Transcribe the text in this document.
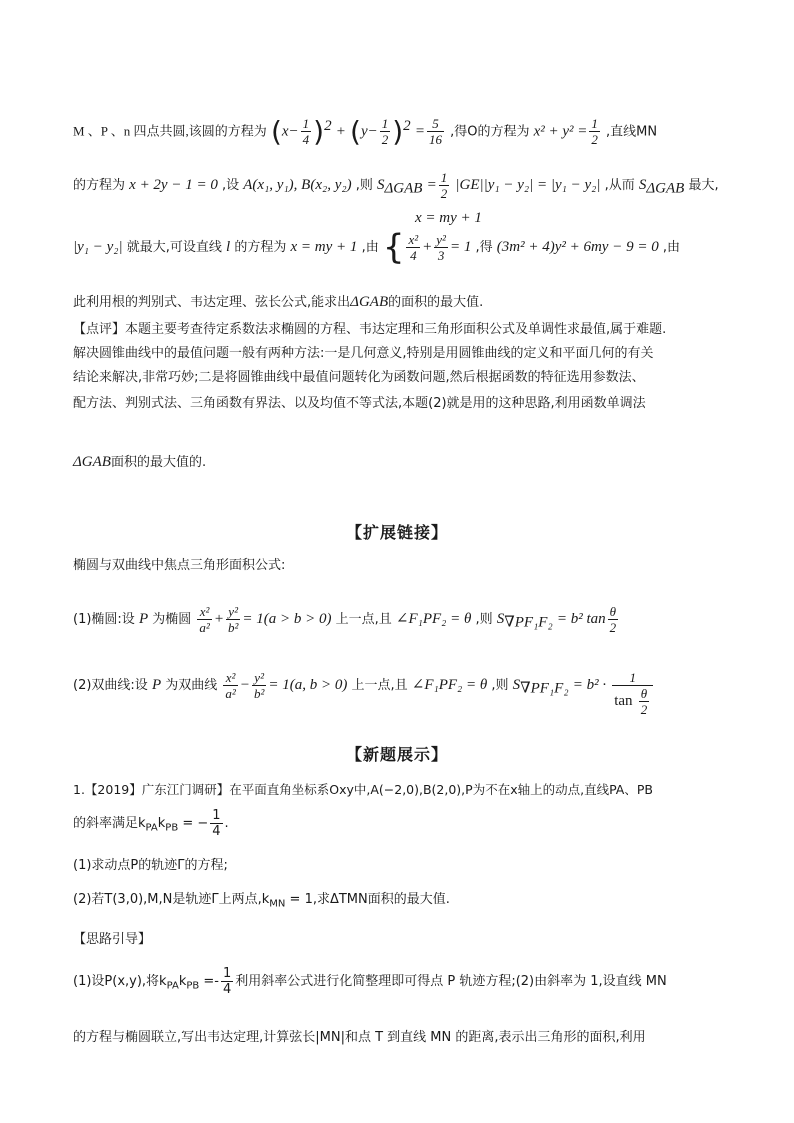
M 、P 、n 四点共圆,该圆的方程为 $(x- \frac{1}{4} )^2 + (y- \frac{1}{2} )^2 = \frac{5}{16}$ ,得O的方程为 $x^2 + y^2 = \frac{1}{2}$ ,直线MN
的方程为 x + 2y − 1 = 0 ,设 A(x₁, y₁), B(x₂, y₂) ,则 $S_{\Delta GAB} = \frac{1}{2} |GE||y_1 - y_2| = |y_1 - y_2|$ ,从而 $S_{\Delta GAB}$ 最大,
x = my + 1
|y₁ − y₂| 就最大,可设直线 l 的方程为 x = my + 1 ,由 { $\frac{\text{x²}}{4} + \frac{\text{y²}}{3} = 1$ ,得 (3m² + 4)y² + 6my − 9 = 0 ,由
此利用根的判别式、韦达定理、弦长公式,能求出ΔGAB的面积的最大值.
【点评】本题主要考查待定系数法求椭圆的方程、韦达定理和三角形面积公式及单调性求最值,属于难题.
解决圆锥曲线中的最值问题一般有两种方法:一是几何意义,特别是用圆锥曲线的定义和平面几何的有关
结论来解决,非常巧妙;二是将圆锥曲线中最值问题转化为函数问题,然后根据函数的特征选用参数法、
配方法、判别式法、三角函数有界法、以及均值不等式法,本题(2)就是用的这种思路,利用函数单调法
ΔGAB面积的最大值的.
【扩展链接】
椭圆与双曲线中焦点三角形面积公式:
(1)椭圆:设 P 为椭圆 $\frac{\text{x²}}{\text{a²}} + \frac{\text{y²}}{\text{b²}} = 1(a > b > 0)$ 上一点,且 ∠F₁PF₂ = θ ,则 $S_{\nabla PF_1F_2} = b^2$ $\tan \frac{\theta}{2}$
(2)双曲线:设 P 为双曲线 $\frac{\text{x²}}{\text{a²}} - \frac{\text{y²}}{\text{b²}} = 1(a$, b > 0) 上一点,且 ∠F₁PF₂ = θ ,则 $S_{\nabla PF_1F_2} = b^2 \cdot \frac{1}{\tan \frac{\theta}{2}}$
【新题展示】
1.【2019】广东江门调研】在平面直角坐标系Oxy中,A(−2,0),B(2,0),P为不在x轴上的动点,直线PA、PB
的斜率满足$k_{PA}k_{PB}$ = − $\frac{1}{4}$ .
(1)求动点P的轨迹Γ的方程;
(2)若T(3,0),M,N是轨迹Γ上两点$,k_{MN} = 1$,求ΔTMN面积的最大值.
【思路引导】
(1)设P(x,y),将$k_{PA}k_{PB} =- \frac{1}{4}$ 利用斜率公式进行化简整理即可得点 P 轨迹方程;(2)由斜率为 1,设直线 MN
的方程与椭圆联立,写出韦达定理,计算弦长|MN|和点 T 到直线 MN 的距离,表示出三角形的面积,利用
